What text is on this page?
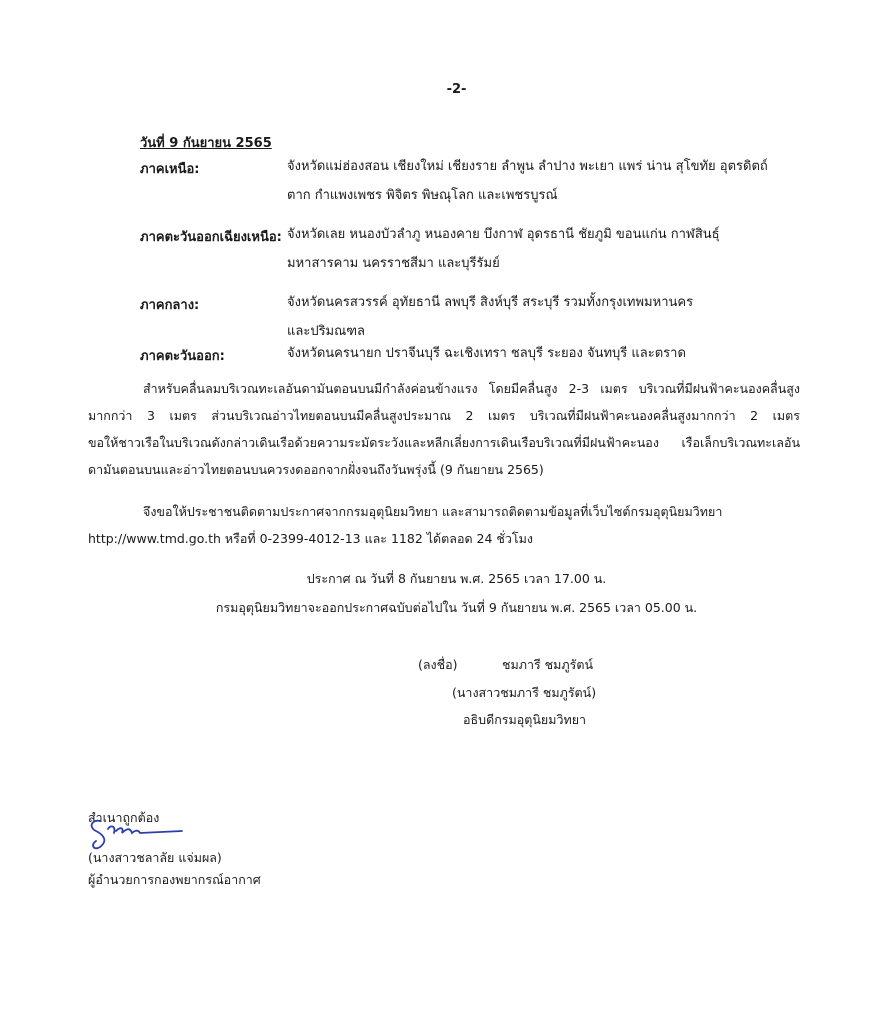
-2-
วันที่ 9 กันยายน 2565
ภาคเหนือ:	จังหวัดแม่ฮ่องสอน เชียงใหม่ เชียงราย ลำพูน ลำปาง พะเยา แพร่ น่าน สุโขทัย อุตรดิตถ์
ตาก กำแพงเพชร พิจิตร พิษณุโลก และเพชรบูรณ์
ภาคตะวันออกเฉียงเหนือ: จังหวัดเลย หนองบัวลำภู หนองคาย บึงกาฬ อุดรธานี ชัยภูมิ ขอนแก่น กาฬสินธุ์
มหาสารคาม นครราชสีมา และบุรีรัมย์
ภาคกลาง:	จังหวัดนครสวรรค์ อุทัยธานี ลพบุรี สิงห์บุรี สระบุรี รวมทั้งกรุงเทพมหานคร
และปริมณฑล
ภาคตะวันออก:	จังหวัดนครนายก ปราจีนบุรี ฉะเชิงเทรา ชลบุรี ระยอง จันทบุรี และตราด
สำหรับคลื่นลมบริเวณทะเลอันดามันตอนบนมีกำลังค่อนข้างแรง โดยมีคลื่นสูง 2-3 เมตร บริเวณที่มีฝนฟ้าคะนองคลื่นสูง
มากกว่า 3 เมตร ส่วนบริเวณอ่าวไทยตอนบนมีคลื่นสูงประมาณ 2 เมตร บริเวณที่มีฝนฟ้าคะนองคลื่นสูงมากกว่า 2 เมตร
ขอให้ชาวเรือในบริเวณดังกล่าวเดินเรือด้วยความระมัดระวังและหลีกเลี่ยงการเดินเรือบริเวณที่มีฝนฟ้าคะนอง เรือเล็กบริเวณทะเลอัน
ดามันตอนบนและอ่าวไทยตอนบนควรงดออกจากฝั่งจนถึงวันพรุ่งนี้ (9 กันยายน 2565)
จึงขอให้ประชาชนติดตามประกาศจากกรมอุตุนิยมวิทยา และสามารถติดตามข้อมูลที่เว็บไซต์กรมอุตุนิยมวิทยา
http://www.tmd.go.th หรือที่ 0-2399-4012-13 และ 1182 ได้ตลอด 24 ชั่วโมง
ประกาศ ณ วันที่ 8 กันยายน พ.ศ. 2565 เวลา 17.00 น.
กรมอุตุนิยมวิทยาจะออกประกาศฉบับต่อไปใน วันที่ 9 กันยายน พ.ศ. 2565 เวลา 05.00 น.
(ลงชื่อ)	ชมภารี ชมภูรัตน์
(นางสาวชมภารี ชมภูรัตน์)
อธิบดีกรมอุตุนิยมวิทยา
สำเนาถูกต้อง
(นางสาวชลาลัย แจ่มผล)
ผู้อำนวยการกองพยากรณ์อากาศ
